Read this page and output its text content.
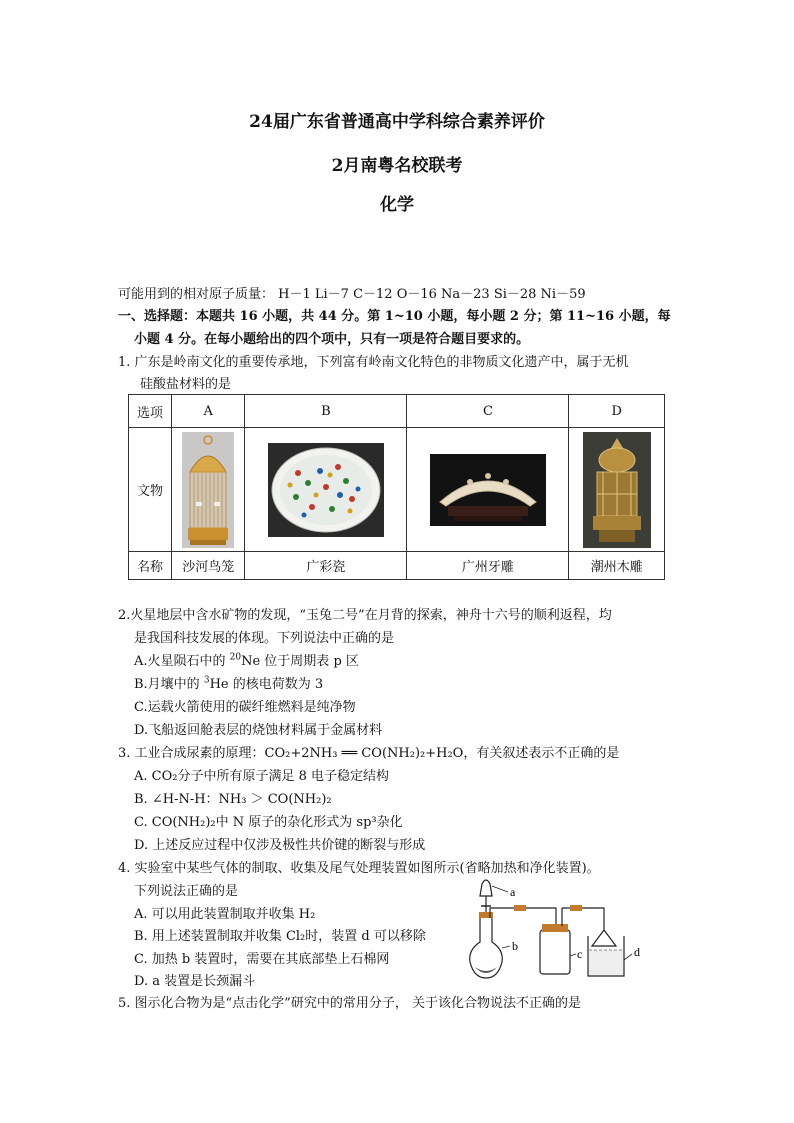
24届广东省普通高中学科综合素养评价
2月南粤名校联考
化学
可能用到的相对原子质量： H－1 Li－7 C－12 O－16 Na－23 Si－28 Ni－59
一、选择题：本题共 16 小题，共 44 分。第 1~10 小题，每小题 2 分；第 11~16 小题，每
小题 4 分。在每小题给出的四个项中，只有一项是符合题目要求的。
1. 广东是岭南文化的重要传承地，下列富有岭南文化特色的非物质文化遗产中，属于无机
硅酸盐材料的是
选项	A	B	C	D
文物	

名称	沙河鸟笼	广彩瓷	广州牙雕	潮州木雕
2.火星地层中含水矿物的发现，“玉兔二号”在月背的探索，神舟十六号的顺利返程，均
是我国科技发展的体现。下列说法中正确的是
A.火星陨石中的 $^{20}$Ne 位于周期表 p 区
B.月壤中的 $^3$He 的核电荷数为 3
C.运载火箭使用的碳纤维燃料是纯净物
D.飞船返回舱表层的烧蚀材料属于金属材料
3. 工业合成尿素的原理：CO₂+2NH₃ ══ CO(NH₂)₂+H₂O，有关叙述表示不正确的是
A. CO₂分子中所有原子满足 8 电子稳定结构
B. ∠H-N-H：NH₃ ＞ CO(NH₂)₂
C. CO(NH₂)₂中 N 原子的杂化形式为 sp³杂化
D. 上述反应过程中仅涉及极性共价键的断裂与形成
4. 实验室中某些气体的制取、收集及尾气处理装置如图所示(省略加热和净化装置)。
下列说法正确的是
A. 可以用此装置制取并收集 H₂
B. 用上述装置制取并收集 Cl₂时，装置 d 可以移除
C. 加热 b 装置时，需要在其底部垫上石棉网
D. a 装置是长颈漏斗
a
b
c	d
5. 图示化合物为是“点击化学”研究中的常用分子， 关于该化合物说法不正确的是
